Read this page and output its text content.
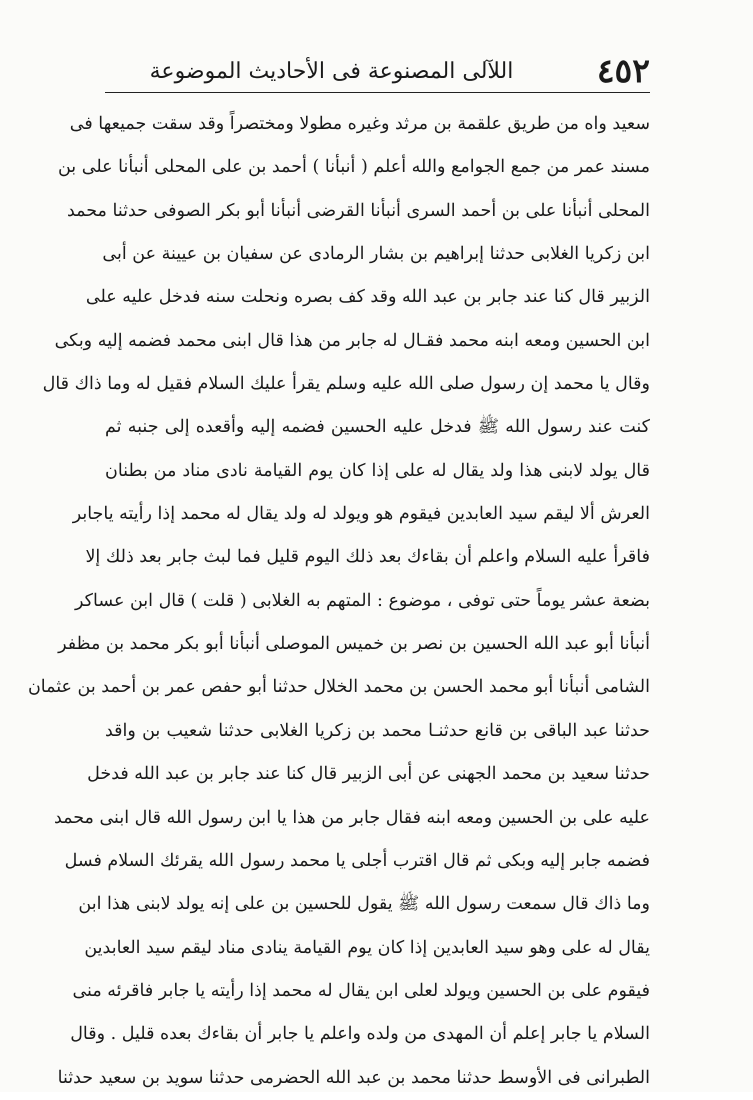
٤٥٢
اللآلى المصنوعة فى الأحاديث الموضوعة
سعيد واه من طريق علقمة بن مرثد وغيره مطولا ومختصراً وقد سقت جميعها فى
مسند عمر من جمع الجوامع والله أعلم ( أنبأنا ) أحمد بن على المحلى أنبأنا على بن
المحلى أنبأنا على بن أحمد السرى أنبأنا القرضى أنبأنا أبو بكر الصوفى حدثنا محمد
ابن زكريا الغلابى حدثنا إبراهيم بن بشار الرمادى عن سفيان بن عيينة عن أبى
الزبير قال كنا عند جابر بن عبد الله وقد كف بصره ونحلت سنه فدخل عليه على
ابن الحسين ومعه ابنه محمد فقـال له جابر من هذا قال ابنى محمد فضمه إليه وبكى
وقال يا محمد إن رسول صلى الله عليه وسلم يقرأ عليك السلام فقيل له وما ذاك قال
كنت عند رسول الله ﷺ فدخل عليه الحسين فضمه إليه وأقعده إلى جنبه ثم
قال يولد لابنى هذا ولد يقال له على إذا كان يوم القيامة نادى مناد من بطنان
العرش ألا ليقم سيد العابدين فيقوم هو ويولد له ولد يقال له محمد إذا رأيته ياجابر
فاقرأ عليه السلام واعلم أن بقاءك بعد ذلك اليوم قليل فما لبث جابر بعد ذلك إلا
بضعة عشر يوماً حتى توفى ، موضوع : المتهم به الغلابى ( قلت ) قال ابن عساكر
أنبأنا أبو عبد الله الحسين بن نصر بن خميس الموصلى أنبأنا أبو بكر محمد بن مظفر
الشامى أنبأنا أبو محمد الحسن بن محمد الخلال حدثنا أبو حفص عمر بن أحمد بن عثمان
حدثنا عبد الباقى بن قانع حدثنـا محمد بن زكريا الغلابى حدثنا شعيب بن واقد
حدثنا سعيد بن محمد الجهنى عن أبى الزبير قال كنا عند جابر بن عبد الله فدخل
عليه على بن الحسين ومعه ابنه فقال جابر من هذا يا ابن رسول الله قال ابنى محمد
فضمه جابر إليه وبكى ثم قال اقترب أجلى يا محمد رسول الله يقرئك السلام فسل
وما ذاك قال سمعت رسول الله ﷺ يقول للحسين بن على إنه يولد لابنى هذا ابن
يقال له على وهو سيد العابدين إذا كان يوم القيامة ينادى مناد ليقم سيد العابدين
فيقوم على بن الحسين ويولد لعلى ابن يقال له محمد إذا رأيته يا جابر فاقرئه منى
السلام يا جابر إعلم أن المهدى من ولده واعلم يا جابر أن بقاءك بعده قليل . وقال
الطبرانى فى الأوسط حدثنا محمد بن عبد الله الحضرمى حدثنا سويد بن سعيد حدثنا
